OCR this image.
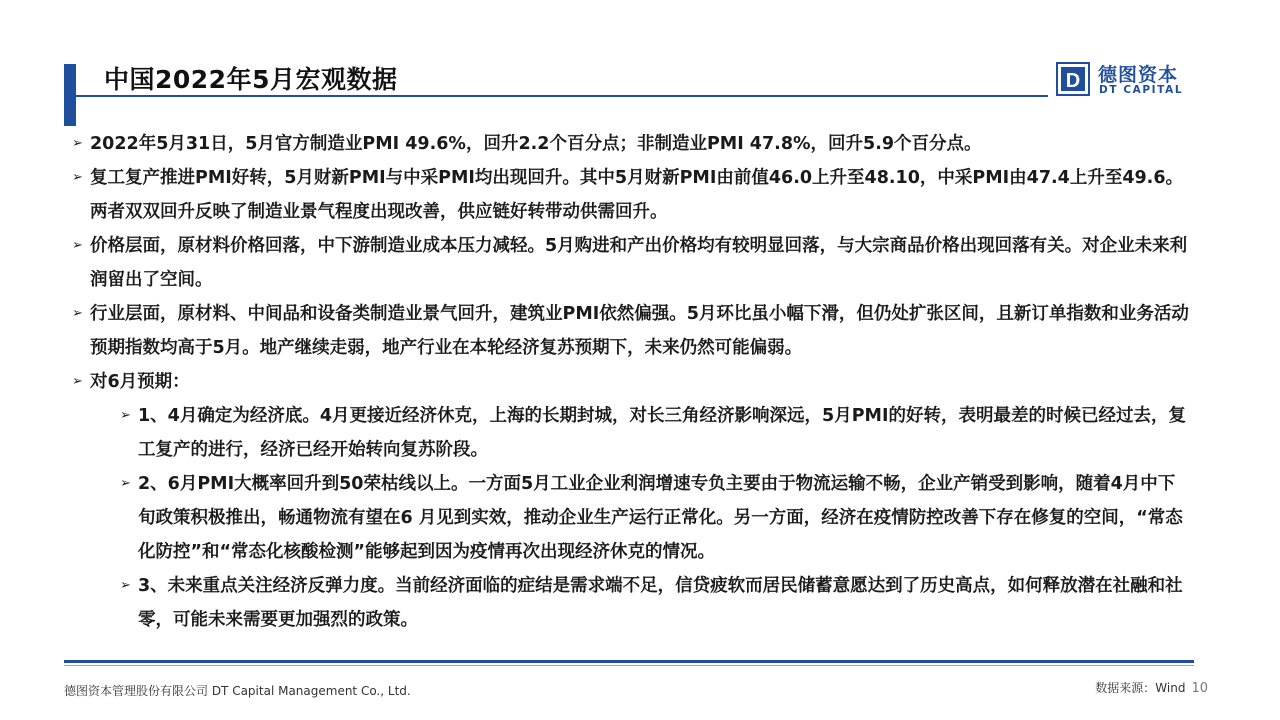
中国2022年5月宏观数据	D 德图资本
DT CAPITAL
➢ 2022年5月31日，5月官方制造业PMI 49.6%，回升2.2个百分点；非制造业PMI 47.8%，回升5.9个百分点。
➢ 复工复产推进PMI好转，5月财新PMI与中采PMI均出现回升。其中5月财新PMI由前值46.0上升至48.10，中采PMI由47.4上升至49.6。两者双双回升反映了制造业景气程度出现改善，供应链好转带动供需回升。
➢ 价格层面，原材料价格回落，中下游制造业成本压力减轻。5月购进和产出价格均有较明显回落，与大宗商品价格出现回落有关。对企业未来利润留出了空间。
➢ 行业层面，原材料、中间品和设备类制造业景气回升，建筑业PMI依然偏强。5月环比虽小幅下滑，但仍处扩张区间，且新订单指数和业务活动预期指数均高于5月。地产继续走弱，地产行业在本轮经济复苏预期下，未来仍然可能偏弱。
➢ 对6月预期：
➢ 1、4月确定为经济底。4月更接近经济休克，上海的长期封城，对长三角经济影响深远，5月PMI的好转，表明最差的时候已经过去，复工复产的进行，经济已经开始转向复苏阶段。
➢ 2、6月PMI大概率回升到50荣枯线以上。一方面5月工业企业利润增速专负主要由于物流运输不畅，企业产销受到影响，随着4月中下旬政策积极推出，畅通物流有望在6 月见到实效，推动企业生产运行正常化。另一方面，经济在疫情防控改善下存在修复的空间，“常态化防控”和“常态化核酸检测”能够起到因为疫情再次出现经济休克的情况。
➢ 3、未来重点关注经济反弹力度。当前经济面临的症结是需求端不足，信贷疲软而居民储蓄意愿达到了历史高点，如何释放潜在社融和社零，可能未来需要更加强烈的政策。
德图资本管理股份有限公司 DT Capital Management Co., Ltd.	数据来源：Wind 10
